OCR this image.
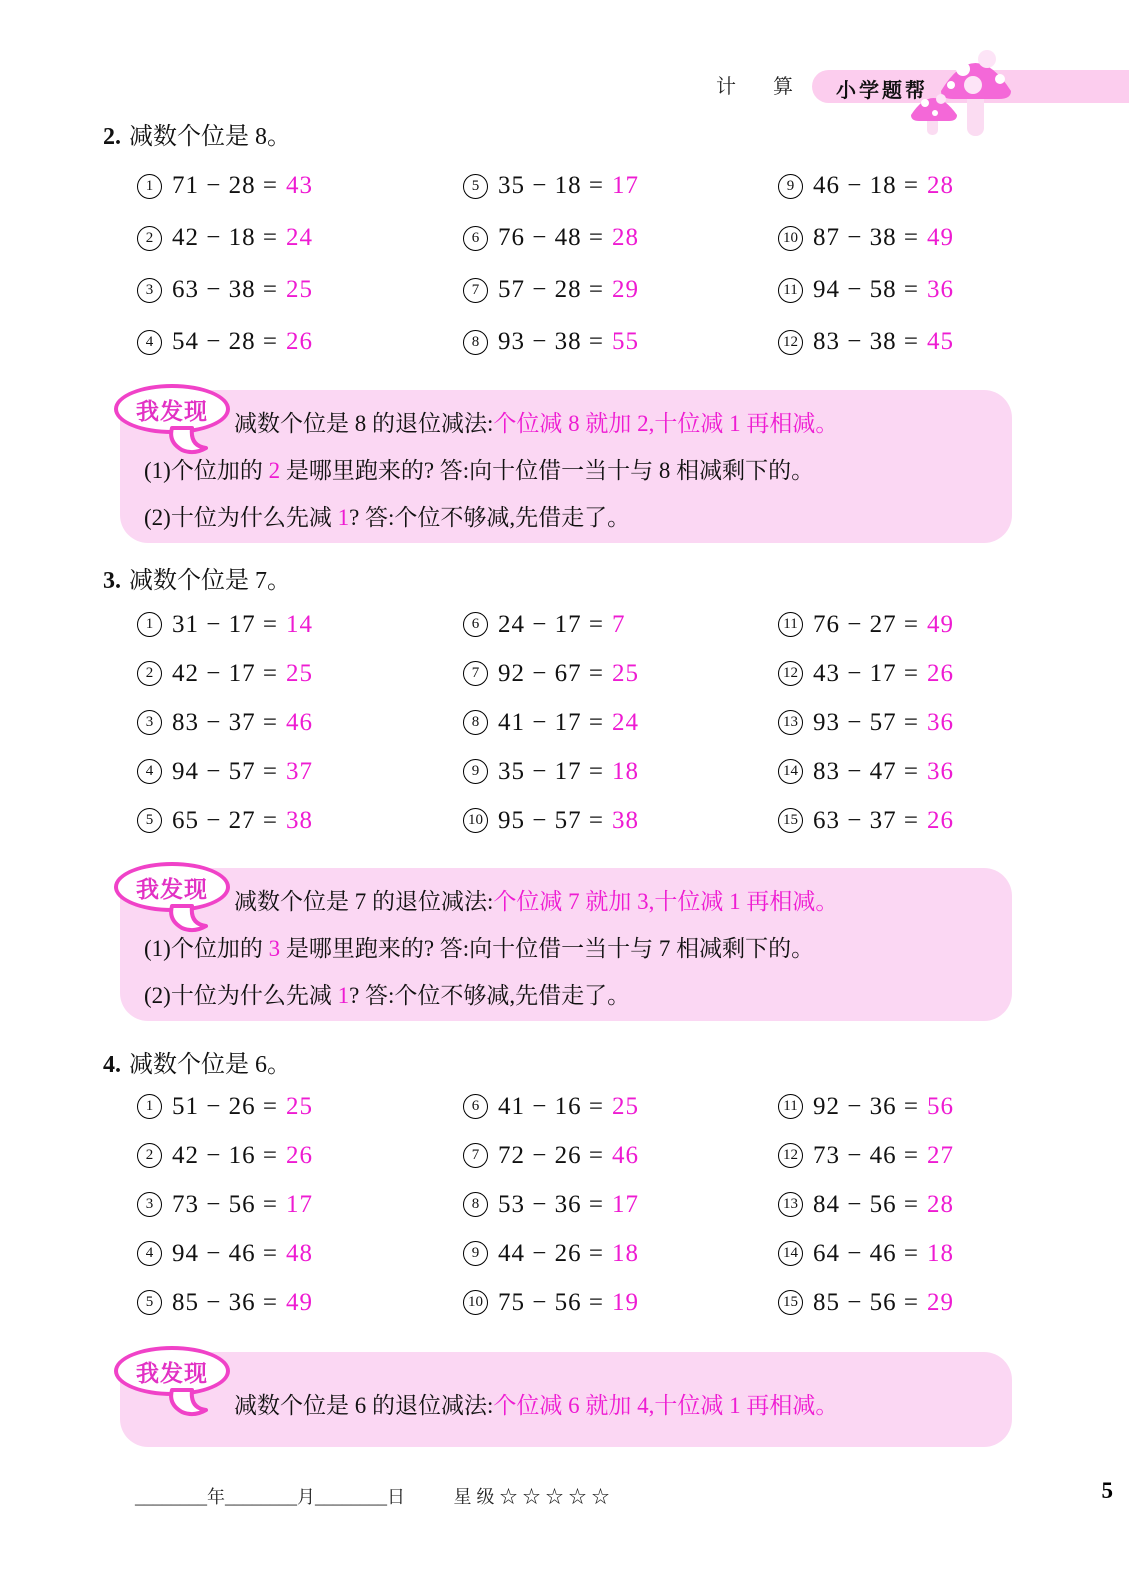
计 算 小学题帮
2. 减数个位是 8。
1 71 − 28 = 43
2 42 − 18 = 24
3 63 − 38 = 25
4 54 − 28 = 26
5 35 − 18 = 17
6 76 − 48 = 28
7 57 − 28 = 29
8 93 − 38 = 55
9 46 − 18 = 28
10 87 − 38 = 49
11 94 − 58 = 36
12 83 − 38 = 45
我发现	减数个位是 8 的退位减法:个位减 8 就加 2,十位减 1 再相减。
(1)个位加的 2 是哪里跑来的? 答:向十位借一当十与 8 相减剩下的。
(2)十位为什么先减 1? 答:个位不够减,先借走了。
3. 减数个位是 7。
1 31 − 17 = 14
2 42 − 17 = 25
3 83 − 37 = 46
4 94 − 57 = 37
5 65 − 27 = 38
6 24 − 17 = 7
7 92 − 67 = 25
8 41 − 17 = 24
9 35 − 17 = 18
10 95 − 57 = 38
11 76 − 27 = 49
12 43 − 17 = 26
13 93 − 57 = 36
14 83 − 47 = 36
15 63 − 37 = 26
我发现	减数个位是 7 的退位减法:个位减 7 就加 3,十位减 1 再相减。
(1)个位加的 3 是哪里跑来的? 答:向十位借一当十与 7 相减剩下的。
(2)十位为什么先减 1? 答:个位不够减,先借走了。
4. 减数个位是 6。
1 51 − 26 = 25
2 42 − 16 = 26
3 73 − 56 = 17
4 94 − 46 = 48
5 85 − 36 = 49
6 41 − 16 = 25
7 72 − 26 = 46
8 53 − 36 = 17
9 44 − 26 = 18
10 75 − 56 = 19
11 92 − 36 = 56
12 73 − 46 = 27
13 84 − 56 = 28
14 64 − 46 = 18
15 85 − 56 = 29
我发现
减数个位是 6 的退位减法:个位减 6 就加 4,十位减 1 再相减。
________年________月________日	星级☆☆☆☆☆	5
